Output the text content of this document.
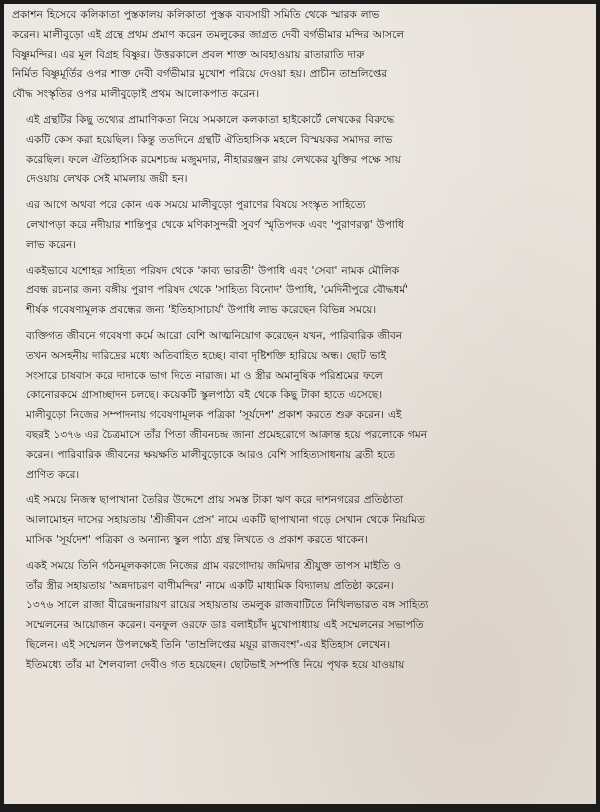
প্রকাশন হিসেবে কলিকাতা পুস্তকালয় কলিকাতা পুস্তক ব্যবসায়ী সমিতি থেকে স্মারক লাভ
করেন। মালীবুড়ো এই গ্রন্থে প্রথম প্রমাণ করেন তমলুকের জাগ্রত দেবী বর্গভীমার মন্দির আসলে
বিষ্ণুমন্দির। এর মূল বিগ্রহ বিষ্ণুর। উত্তরকালে প্রবল শাক্ত আবহাওয়ায় রাতারাতি দারু
নির্মিত বিষ্ণুমূর্তির ওপর শাক্ত দেবী বর্গভীমার মুখোশ পরিয়ে দেওয়া হয়। প্রাচীন তাম্রলিপ্তের
বৌদ্ধ সংস্কৃতির ওপর মালীবুড়োই প্রথম আলোকপাত করেন।

এই গ্রন্থটির কিছু তথ্যের প্রামাণিকতা নিয়ে সমকালে কলকাতা হাইকোর্টে লেখকের বিরুদ্ধে
একটি কেস করা হয়েছিল। কিন্তু ততদিনে গ্রন্থটি ঐতিহাসিক মহলে বিস্ময়কর সমাদর লাভ
করেছিল। ফলে ঐতিহাসিক রমেশচন্দ্র মজুমদার, নীহাররঞ্জন রায় লেখকের যুক্তির পক্ষে সায়
দেওয়ায় লেখক সেই মামলায় জয়ী হন।

এর আগে অথবা পরে কোন এক সময়ে মালীবুড়ো পুরাণের বিষয়ে সংস্কৃত সাহিত্যে
লেখাপড়া করে নদীয়ার শান্তিপুর থেকে মণিকাসুন্দরী সুবর্ণ স্মৃতিপদক এবং 'পুরাণরত্ন' উপাধি
লাভ করেন।

একইভাবে যশোহর সাহিত্য পরিষদ থেকে 'কাব্য ভারতী' উপাধি এবং 'সেবা' নামক মৌলিক
প্রবন্ধ রচনার জন্য বঙ্গীয় পুরাণ পরিষদ থেকে 'সাহিত্য বিনোদ' উপাধি, 'মেদিনীপুরে বৌদ্ধধর্ম'
শীর্ষক গবেষণামূলক প্রবন্ধের জন্য 'ইতিহাসাচার্য' উপাধি লাভ করেছেন বিভিন্ন সময়ে।

ব্যক্তিগত জীবনে গবেষণা কর্মে আরো বেশি আত্মনিয়োগ করেছেন যখন, পারিবারিক জীবন
তখন অসহনীয় দারিদ্রের মধ্যে অতিবাহিত হচ্ছে। বাবা দৃষ্টিশক্তি হারিয়ে অন্ধ। ছোট ভাই
সংসারে চাষবাস করে দাদাকে ভাগ দিতে নারাজ। মা ও স্ত্রীর অমানুষিক পরিশ্রমের ফলে
কোনোরকমে গ্রাসাচ্ছাদন চলছে। কয়েকটি স্কুলপাঠ্য বই থেকে কিছু টাকা হাতে এসেছে।
মালীবুড়ো নিজের সম্পাদনায় গবেষণামূলক পত্রিকা 'সূর্যদেশ' প্রকাশ করতে শুরু করেন। এই
বছরই ১৩৭৬ এর চৈত্রমাসে তাঁর পিতা জীবনচন্দ্র জানা প্রমেহরোগে আক্রান্ত হয়ে পরলোকে গমন
করেন। পারিবারিক জীবনের ক্ষয়ক্ষতি মালীবুড়োকে আরও বেশি সাহিত্যসাধনায় ব্রতী হতে
প্রাণিত করে।

এই সময়ে নিজস্ব ছাপাখানা তৈরির উদ্দেশে প্রায় সমস্ত টাকা ঋণ করে দাশনগরের প্রতিষ্ঠাতা
আলামোহন দাসের সহায়তায় 'শ্রীজীবন প্রেস' নামে একটি ছাপাখানা গড়ে সেখান থেকে নিয়মিত
মাসিক 'সূর্যদেশ' পত্রিকা ও অন্যান্য স্কুল পাঠ্য গ্রন্থ লিখতে ও প্রকাশ করতে থাকেন।

একই সময়ে তিনি গঠনমূলককাজে নিজের গ্রাম বরগোদায় জমিদার শ্রীযুক্ত তাপস মাইতি ও
তাঁর স্ত্রীর সহায়তায় 'অন্নদাচরণ বাণীমন্দির' নামে একটি মাধ্যমিক বিদ্যালয় প্রতিষ্ঠা করেন।
১৩৭৬ সালে রাজা বীরেন্দ্রনারায়ণ রায়ের সহায়তায় তমলুক রাজবাটিতে নিখিলভারত বঙ্গ সাহিত্য
সম্মেলনের আয়োজন করেন। বনফুল ওরফে ডাঃ বলাইচাঁদ মুখোপাধ্যায় এই সম্মেলনের সভাপতি
ছিলেন। এই সম্মেলন উপলক্ষেই তিনি 'তাম্রলিপ্তের ময়ূর রাজবংশ'-এর ইতিহাস লেখেন।
ইতিমধ্যে তাঁর মা শৈলবালা দেবীও গত হয়েছেন। ছোটভাই সম্পত্তি নিয়ে পৃথক হয়ে যাওয়ায়
